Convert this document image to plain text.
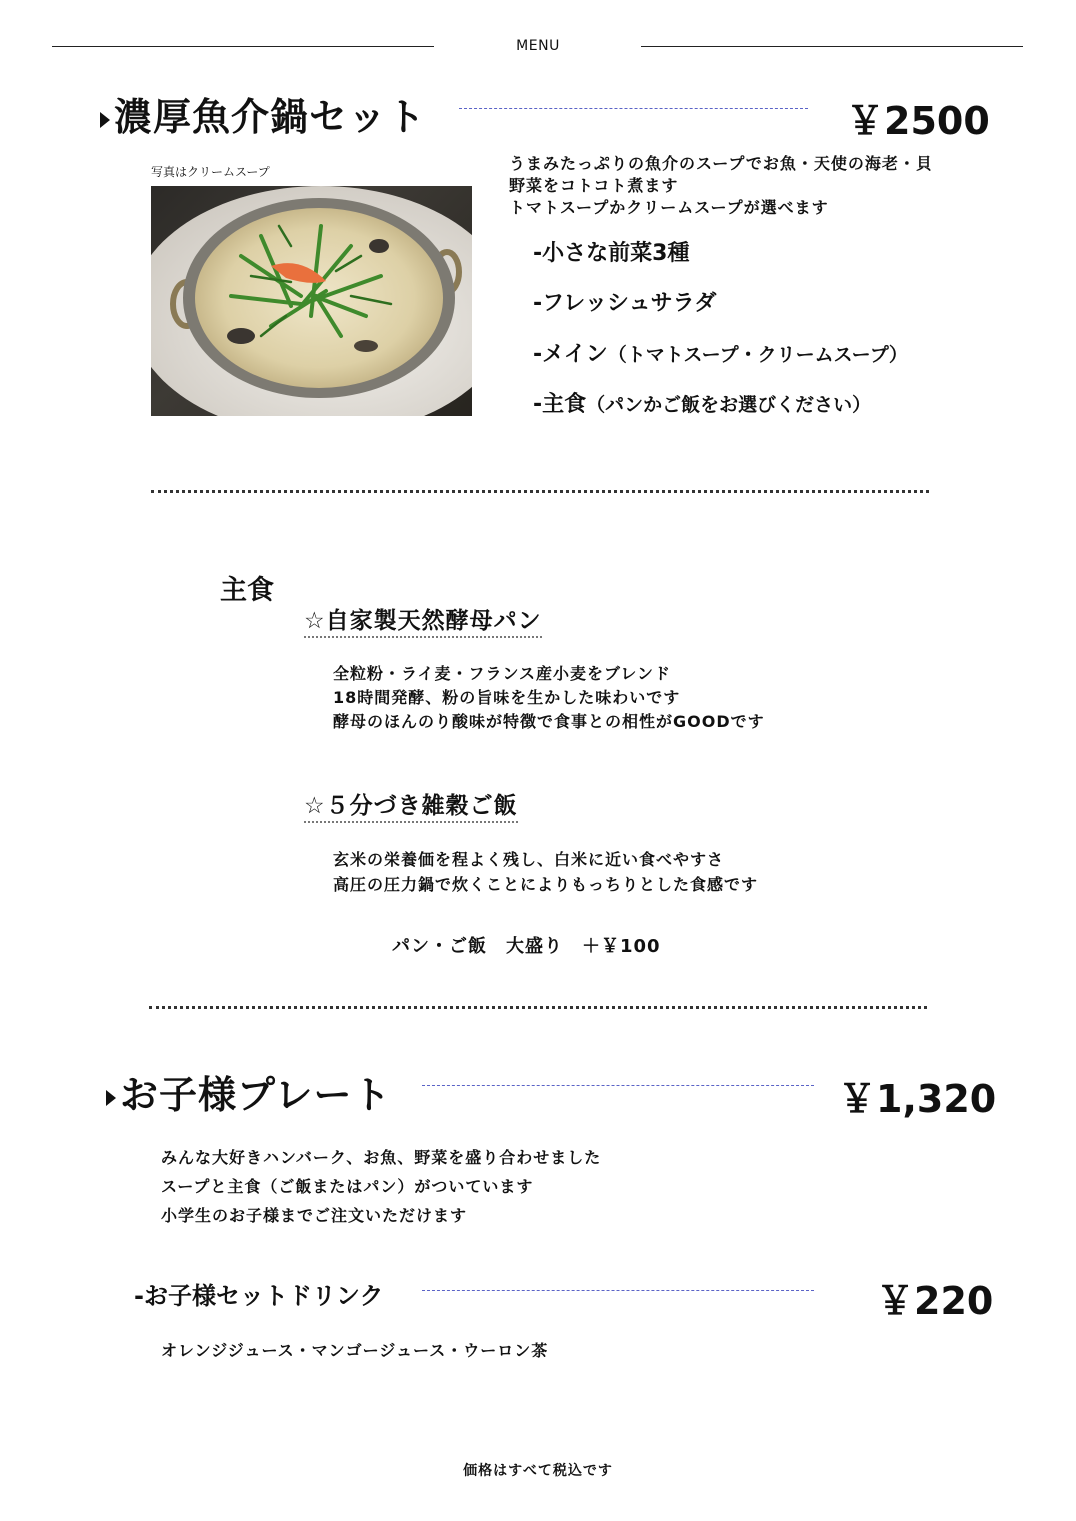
MENU
濃厚魚介鍋セット	￥2500
写真はクリームスープ	うまみたっぷりの魚介のスープでお魚・天使の海老・貝
野菜をコトコト煮ます
トマトスープかクリームスープが選べます
-小さな前菜3種
-フレッシュサラダ
-メイン（トマトスープ・クリームスープ）
-主食（パンかご飯をお選びください）
主食
☆自家製天然酵母パン
全粒粉・ライ麦・フランス産小麦をブレンド
18時間発酵、粉の旨味を生かした味わいです
酵母のほんのり酸味が特徴で食事との相性がGOODです
☆５分づき雑穀ご飯
玄米の栄養価を程よく残し、白米に近い食べやすさ
高圧の圧力鍋で炊くことによりもっちりとした食感です
パン・ご飯　大盛り　＋￥100
お子様プレート	￥1,320
みんな大好きハンバーク、お魚、野菜を盛り合わせました
スープと主食（ご飯またはパン）がついています
小学生のお子様までご注文いただけます
-お子様セットドリンク	￥220
オレンジジュース・マンゴージュース・ウーロン茶
価格はすべて税込です
